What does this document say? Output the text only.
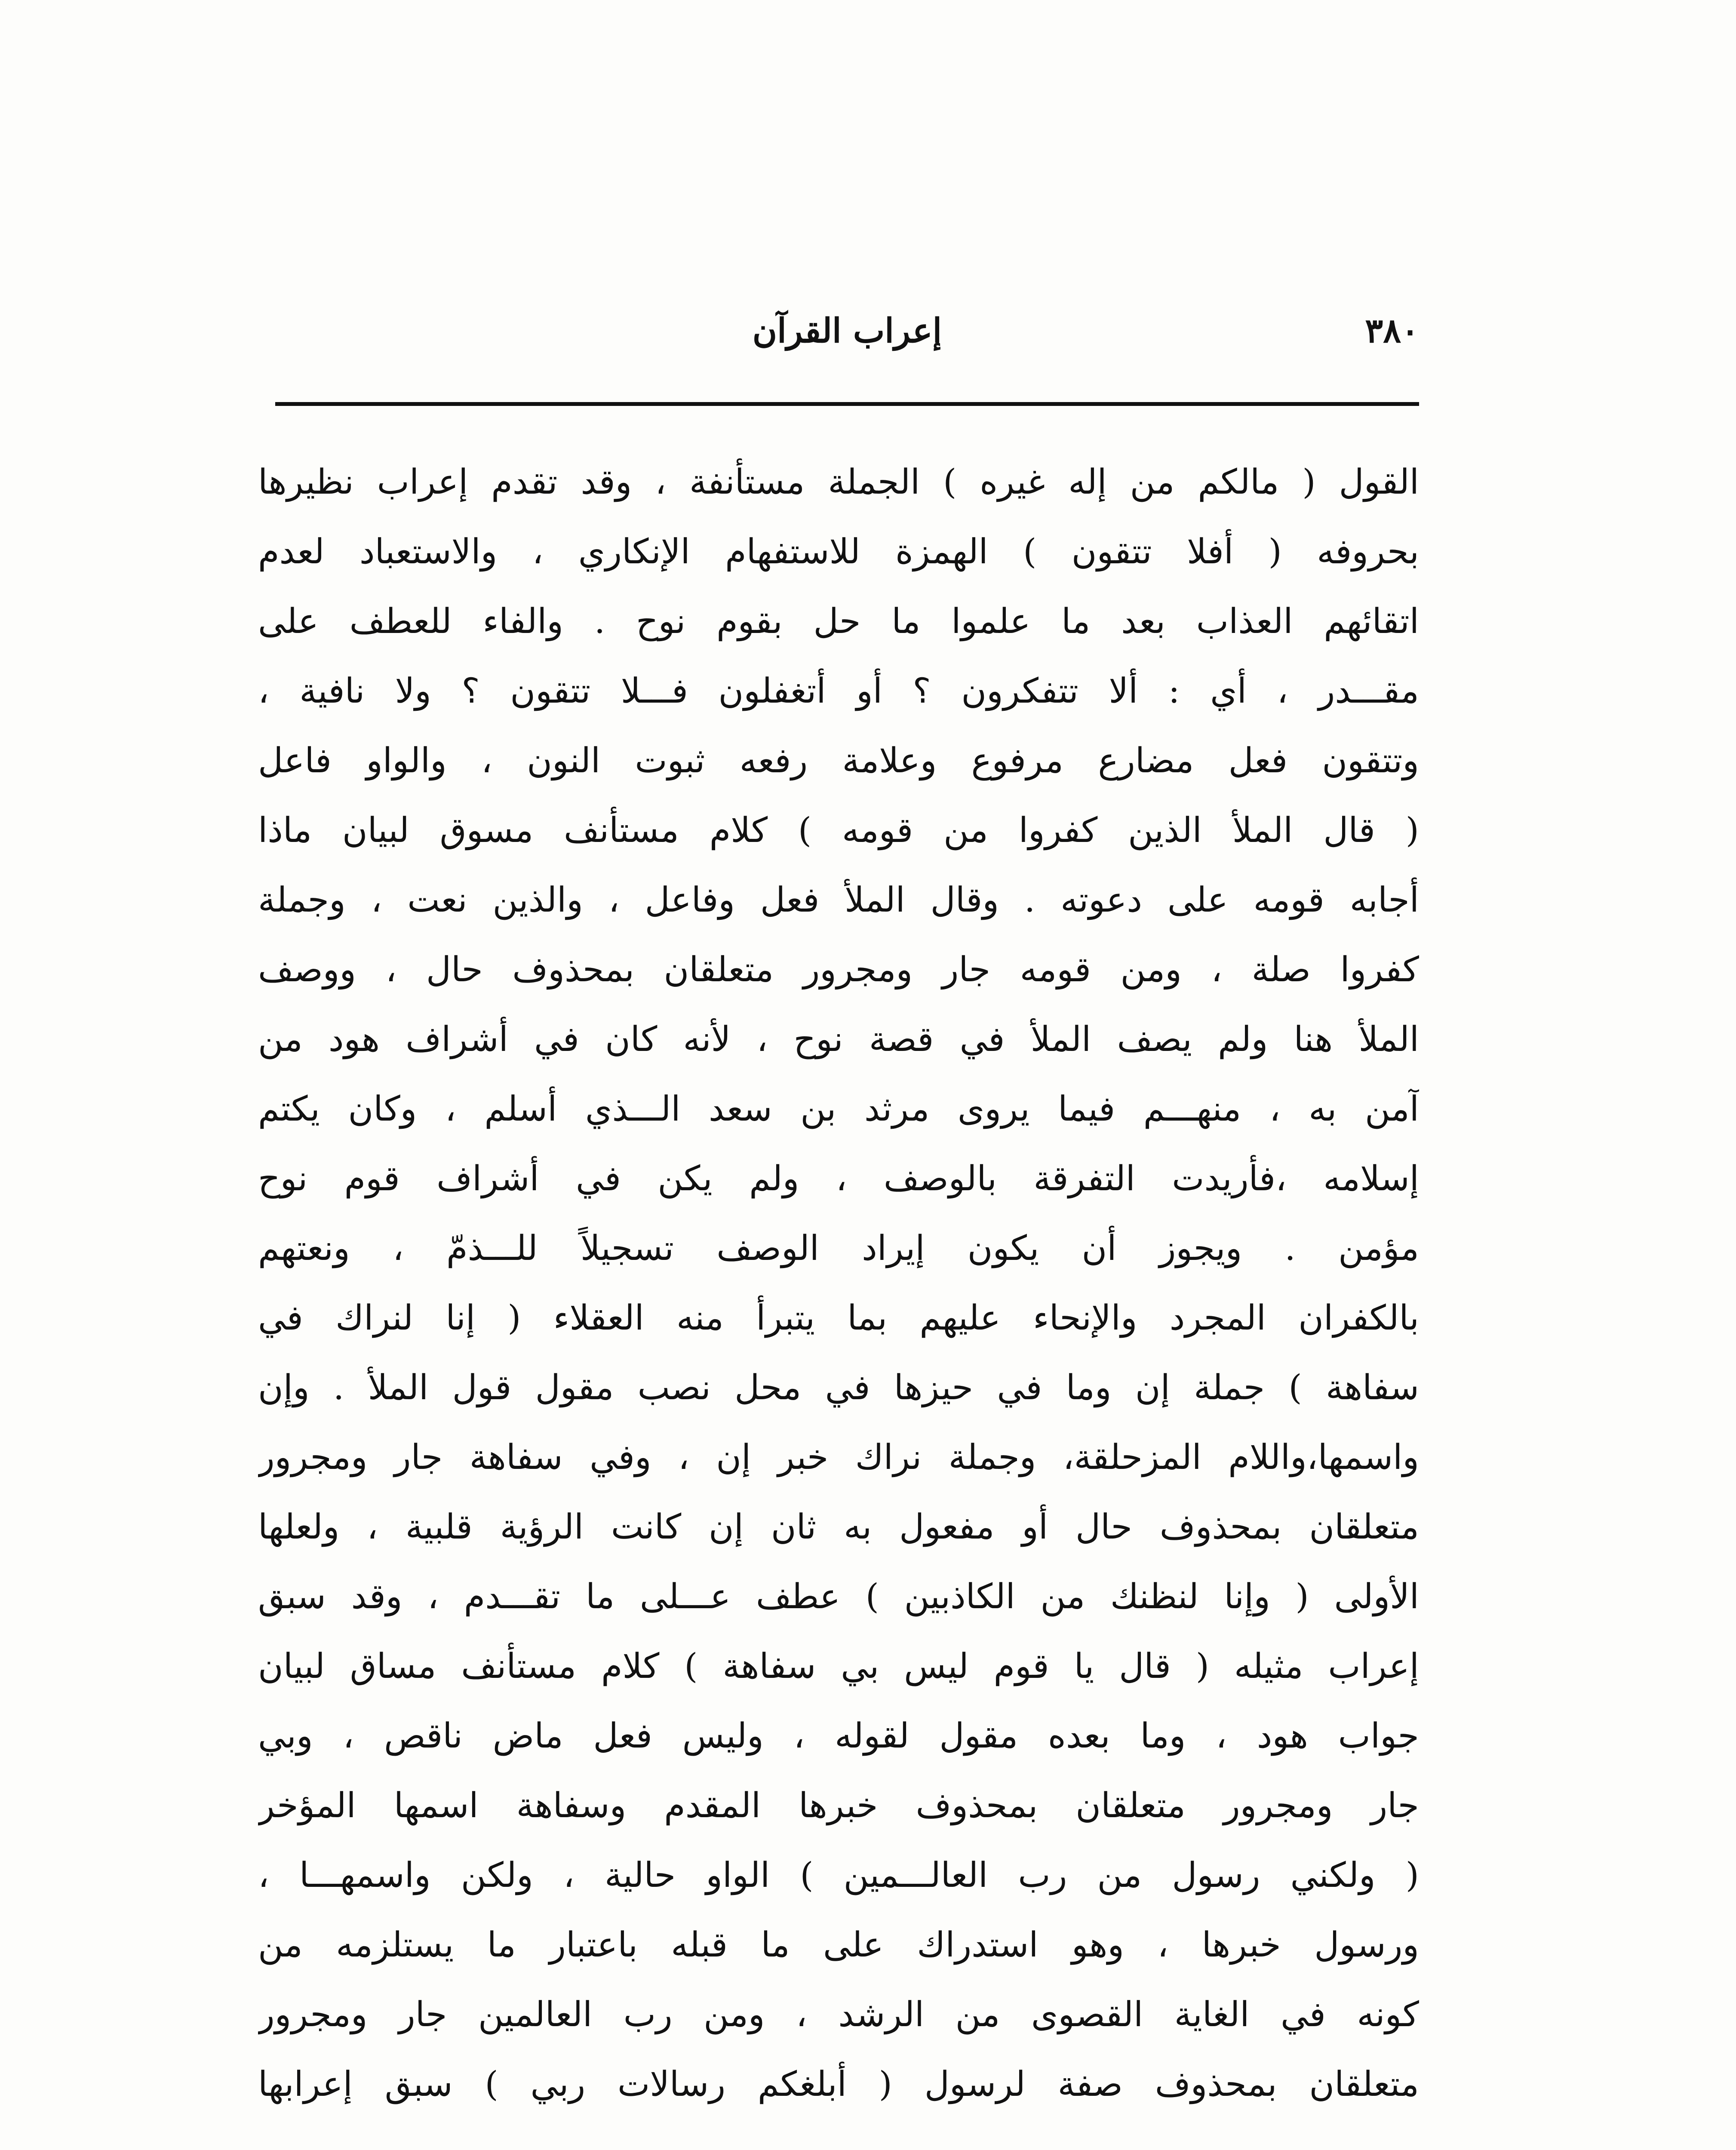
٣٨٠
إعراب القرآن
القول ( مالكم من إله غيره ) الجملة مستأنفة ، وقد تقدم إعراب نظيرها
بحروفه ( أفلا تتقون ) الهمزة للاستفهام الإنكاري ، والاستعباد لعدم
اتقائهم العذاب بعد ما علموا ما حل بقوم نوح . والفاء للعطف على
مقـــدر ، أي : ألا تتفكرون ؟ أو أتغفلون فـــلا تتقون ؟ ولا نافية ،
وتتقون فعل مضارع مرفوع وعلامة رفعه ثبوت النون ، والواو فاعل
( قال الملأ الذين كفروا من قومه ) كلام مستأنف مسوق لبيان ماذا
أجابه قومه على دعوته . وقال الملأ فعل وفاعل ، والذين نعت ، وجملة
كفروا صلة ، ومن قومه جار ومجرور متعلقان بمحذوف حال ، ووصف
الملأ هنا ولم يصف الملأ في قصة نوح ، لأنه كان في أشراف هود من
آمن به ، منهـــم فيما يروى مرثد بن سعد الـــذي أسلم ، وكان يكتم
إسلامه ،فأريدت التفرقة بالوصف ، ولم يكن في أشراف قوم نوح
مؤمن . ويجوز أن يكون إيراد الوصف تسجيلاً للـــذمّ ، ونعتهم
بالكفران المجرد والإنحاء عليهم بما يتبرأ منه العقلاء ( إنا لنراك في
سفاهة ) جملة إن وما في حيزها في محل نصب مقول قول الملأ . وإن
واسمها،واللام المزحلقة، وجملة نراك خبر إن ، وفي سفاهة جار ومجرور
متعلقان بمحذوف حال أو مفعول به ثان إن كانت الرؤية قلبية ، ولعلها
الأولى ( وإنا لنظنك من الكاذبين ) عطف عـــلى ما تقـــدم ، وقد سبق
إعراب مثيله ( قال يا قوم ليس بي سفاهة ) كلام مستأنف مساق لبيان
جواب هود ، وما بعده مقول لقوله ، وليس فعل ماض ناقص ، وبي
جار ومجرور متعلقان بمحذوف خبرها المقدم وسفاهة اسمها المؤخر
( ولكني رسول من رب العالـــمين ) الواو حالية ، ولكن واسمهـــا ،
ورسول خبرها ، وهو استدراك على ما قبله باعتبار ما يستلزمه من
كونه في الغاية القصوى من الرشد ، ومن رب العالمين جار ومجرور
متعلقان بمحذوف صفة لرسول ( أبلغكم رسالات ربي ) سبق إعرابها
